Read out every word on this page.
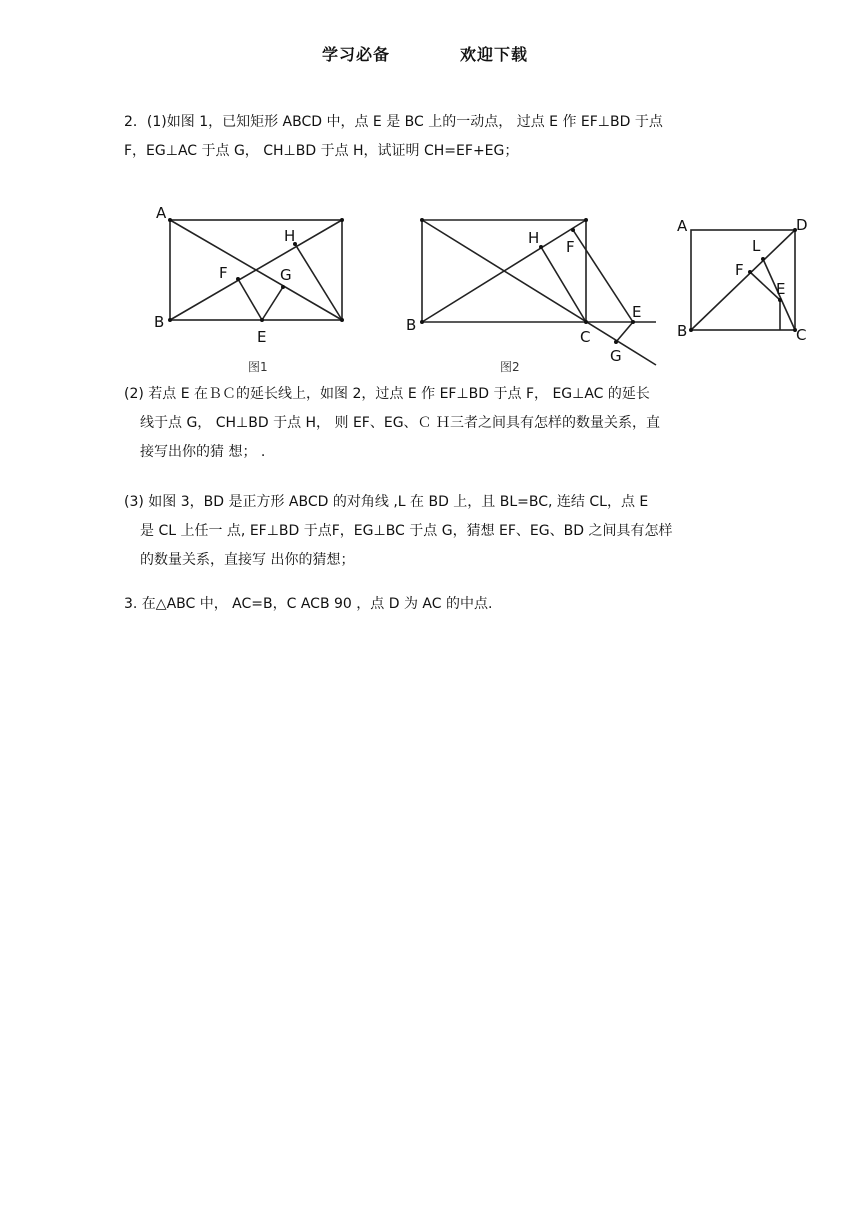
学习必备	欢迎下载
2．(1)如图 1，已知矩形 ABCD 中，点 E 是 BC 上的一动点， 过点 E 作 EF⊥BD 于点
F，EG⊥AC 于点 G， CH⊥BD 于点 H，试证明 CH=EF+EG；
A
B
E
F	G
H
图1
B
C
E
F
G
H
图2
A
B	C
D
E
F
L
(2) 若点 E 在ＢＣ的延长线上，如图 2，过点 E 作 EF⊥BD 于点 F， EG⊥AC 的延长
线于点 G， CH⊥BD 于点 H， 则 EF、EG、Ｃ Ｈ三者之间具有怎样的数量关系，直
接写出你的猜 想； .
(3) 如图 3，BD 是正方形 ABCD 的对角线 ,L 在 BD 上，且 BL=BC, 连结 CL，点 E
是 CL 上任一 点, EF⊥BD 于点F，EG⊥BC 于点 G，猜想 EF、EG、BD 之间具有怎样
的数量关系，直接写 出你的猜想；
3. 在△ABC 中， AC=B，C ACB 90 ，点 D 为 AC 的中点.
